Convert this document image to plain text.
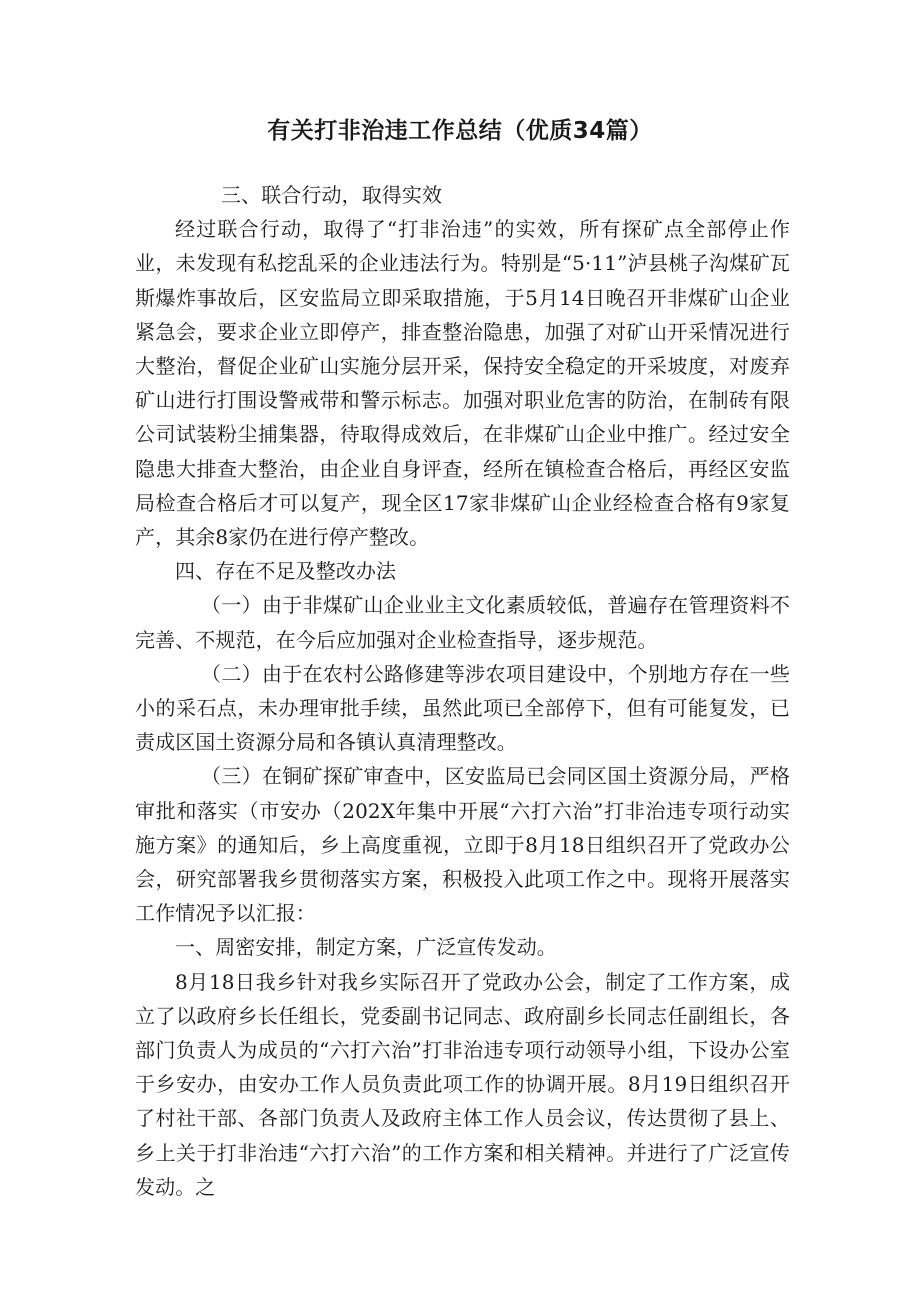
有关打非治违工作总结（优质34篇）

三、联合行动，取得实效

经过联合行动，取得了“打非治违”的实效，所有探矿点全部停止作业，未发现有私挖乱采的企业违法行为。特别是“5·11”泸县桃子沟煤矿瓦斯爆炸事故后，区安监局立即采取措施，于5月14日晚召开非煤矿山企业紧急会，要求企业立即停产，排查整治隐患，加强了对矿山开采情况进行大整治，督促企业矿山实施分层开采，保持安全稳定的开采坡度，对废弃矿山进行打围设警戒带和警示标志。加强对职业危害的防治，在制砖有限公司试装粉尘捕集器，待取得成效后，在非煤矿山企业中推广。经过安全隐患大排查大整治，由企业自身评查，经所在镇检查合格后，再经区安监局检查合格后才可以复产，现全区17家非煤矿山企业经检查合格有9家复产，其余8家仍在进行停产整改。

四、存在不足及整改办法

（一）由于非煤矿山企业业主文化素质较低，普遍存在管理资料不完善、不规范，在今后应加强对企业检查指导，逐步规范。

（二）由于在农村公路修建等涉农项目建设中，个别地方存在一些小的采石点，未办理审批手续，虽然此项已全部停下，但有可能复发，已责成区国土资源分局和各镇认真清理整改。

（三）在铜矿探矿审查中，区安监局已会同区国土资源分局，严格审批和落实（市安办（202X年集中开展“六打六治”打非治违专项行动实施方案》的通知后，乡上高度重视，立即于8月18日组织召开了党政办公会，研究部署我乡贯彻落实方案，积极投入此项工作之中。现将开展落实工作情况予以汇报：

一、周密安排，制定方案，广泛宣传发动。

8月18日我乡针对我乡实际召开了党政办公会，制定了工作方案，成立了以政府乡长任组长，党委副书记同志、政府副乡长同志任副组长，各部门负责人为成员的“六打六治”打非治违专项行动领导小组，下设办公室于乡安办，由安办工作人员负责此项工作的协调开展。8月19日组织召开了村社干部、各部门负责人及政府主体工作人员会议，传达贯彻了县上、乡上关于打非治违“六打六治”的工作方案和相关精神。并进行了广泛宣传发动。之
